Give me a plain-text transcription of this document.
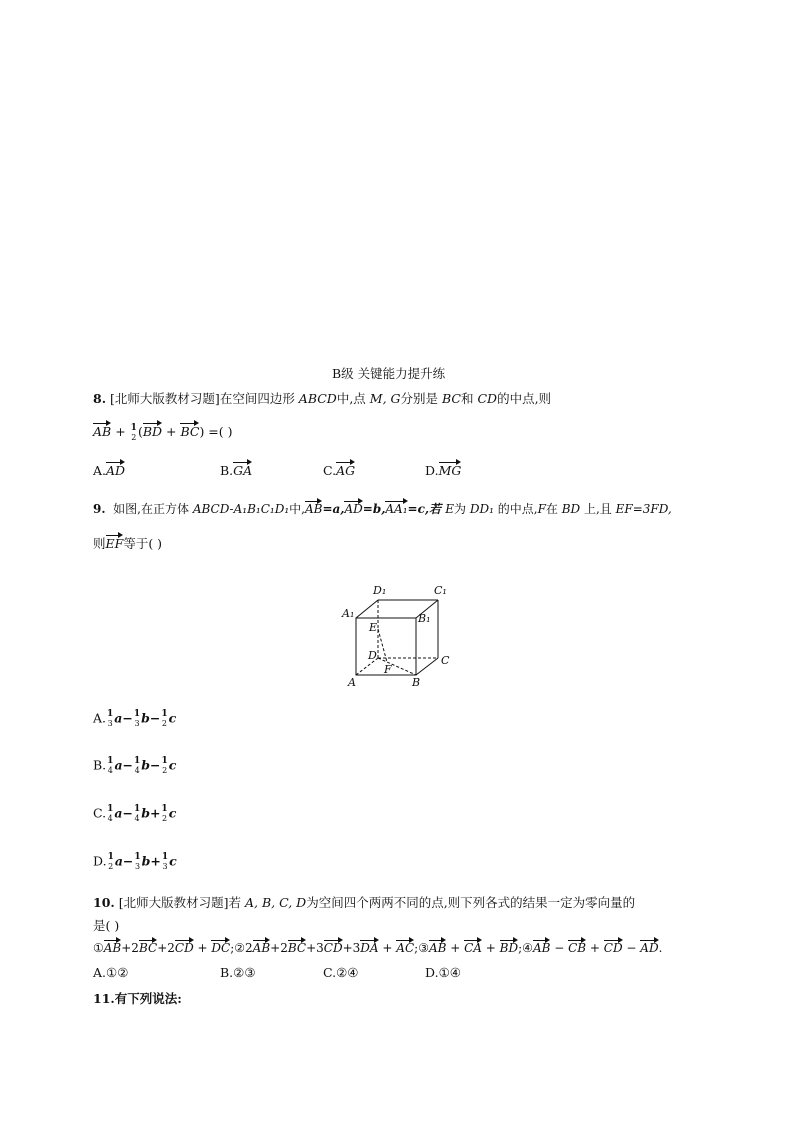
B级 关键能力提升练
8. [北师大版教材习题]在空间四边形 ABCD中,点 M, G分别是 BC和 CD的中点,则
AB + 1
2 (BD + BC) =( )
A.AD	B.GA	C.AG	D.MG
9. 如图,在正方体 ABCD-A₁B₁C₁D₁中,AB=a,AD=b,AA₁=c,若 E为 DD₁ 的中点,F在 BD 上,且 EF=3FD,
则EF等于( )
D₁	C₁
A₁	B₁
E
D
F
C
A	B
A. 1
3 a− 1
3 b− 1
2 c
B. 1
4 a− 1
4 b− 1
2 c
C. 1
4 a− 1
4 b+ 1
2 c
D. 1
2 a− 1
3 b+ 1
3 c
10. [北师大版教材习题]若 A, B, C, D为空间四个两两不同的点,则下列各式的结果一定为零向量的
是( )
①AB+2BC+2CD + DC;②2AB+2BC+3CD+3DA + AC;③AB + CA + BD;④AB − CB + CD − AD.
A.①②	B.②③	C.②④	D.①④
11.有下列说法:
